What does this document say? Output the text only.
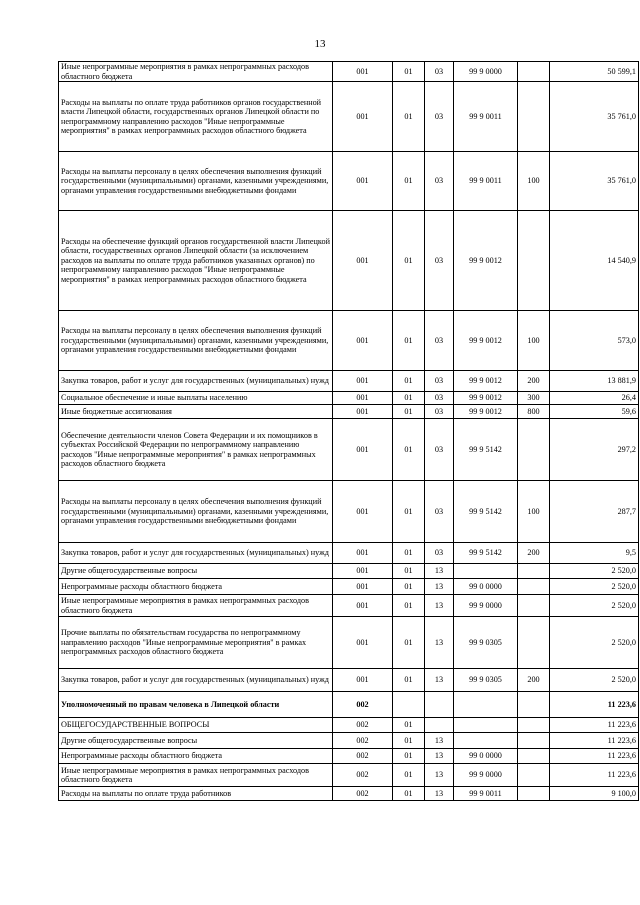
13
Иные непрограммные мероприятия в рамках непрограммных расходов областного бюджета	001	01	03	99 9 0000		50 599,1
Расходы на выплаты по оплате труда работников органов государственной власти Липецкой области, государственных органов Липецкой области по непрограммному направлению расходов "Иные непрограммные мероприятия" в рамках непрограммных расходов областного бюджета	001	01	03	99 9 0011		35 761,0
Расходы на выплаты персоналу в целях обеспечения выполнения функций государственными (муниципальными) органами, казенными учреждениями, органами управления государственными внебюджетными фондами	001	01	03	99 9 0011	100	35 761,0
Расходы на обеспечение функций органов государственной власти Липецкой области, государственных органов Липецкой области (за исключением расходов на выплаты по оплате труда работников указанных органов) по непрограммному направлению расходов "Иные непрограммные мероприятия" в рамках непрограммных расходов областного бюджета	001	01	03	99 9 0012		14 540,9
Расходы на выплаты персоналу в целях обеспечения выполнения функций государственными (муниципальными) органами, казенными учреждениями, органами управления государственными внебюджетными фондами	001	01	03	99 9 0012	100	573,0
Закупка товаров, работ и услуг для государственных (муниципальных) нужд	001	01	03	99 9 0012	200	13 881,9
Социальное обеспечение и иные выплаты населению	001	01	03	99 9 0012	300	26,4
Иные бюджетные ассигнования	001	01	03	99 9 0012	800	59,6
Обеспечение деятельности членов Совета Федерации и их помощников в субъектах Российской Федерации по непрограммному направлению расходов "Иные непрограммные мероприятия" в рамках непрограммных расходов областного бюджета	001	01	03	99 9 5142		297,2
Расходы на выплаты персоналу в целях обеспечения выполнения функций государственными (муниципальными) органами, казенными учреждениями, органами управления государственными внебюджетными фондами	001	01	03	99 9 5142	100	287,7
Закупка товаров, работ и услуг для государственных (муниципальных) нужд	001	01	03	99 9 5142	200	9,5
Другие общегосударственные вопросы	001	01	13			2 520,0
Непрограммные расходы областного бюджета	001	01	13	99 0 0000		2 520,0
Иные непрограммные мероприятия в рамках непрограммных расходов областного бюджета	001	01	13	99 9 0000		2 520,0
Прочие выплаты по обязательствам государства по непрограммному направлению расходов "Иные непрограммные мероприятия" в рамках непрограммных расходов областного бюджета	001	01	13	99 9 0305		2 520,0
Закупка товаров, работ и услуг для государственных (муниципальных) нужд	001	01	13	99 9 0305	200	2 520,0
Уполномоченный по правам человека в Липецкой области	002					11 223,6
ОБЩЕГОСУДАРСТВЕННЫЕ ВОПРОСЫ	002	01				11 223,6
Другие общегосударственные вопросы	002	01	13			11 223,6
Непрограммные расходы областного бюджета	002	01	13	99 0 0000		11 223,6
Иные непрограммные мероприятия в рамках непрограммных расходов областного бюджета	002	01	13	99 9 0000		11 223,6
Расходы на выплаты по оплате труда работников	002	01	13	99 9 0011		9 100,0
